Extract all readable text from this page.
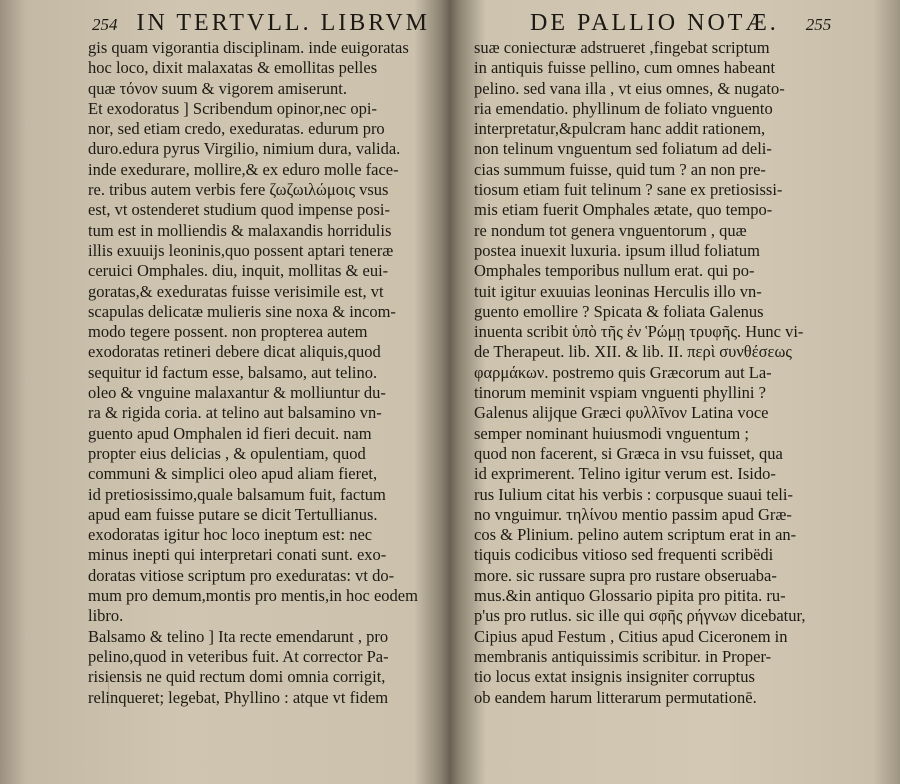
254 IN TERTVLL. LIBRVM
gis quam vigorantia disciplinam. inde euigoratas
hoc loco, dixit malaxatas & emollitas pelles
quæ τόνον suum & vigorem amiserunt.
Et exodoratus ] Scribendum opinor,nec opi-
nor, sed etiam credo, exeduratas. edurum pro
duro.edura pyrus Virgilio, nimium dura, valida.
inde exedurare, mollire,& ex eduro molle face-
re. tribus autem verbis fere ζωζωιλώμοις vsus
est, vt ostenderet studium quod impense posi-
tum est in molliendis & malaxandis horridulis
illis exuuijs leoninis,quo possent aptari teneræ
ceruici Omphales. diu, inquit, mollitas & eui-
goratas,& exeduratas fuisse verisimile est, vt
scapulas delicatæ mulieris sine noxa & incom-
modo tegere possent. non propterea autem
exodoratas retineri debere dicat aliquis,quod
sequitur id factum esse, balsamo, aut telino.
oleo & vnguine malaxantur & molliuntur du-
ra & rigida coria. at telino aut balsamino vn-
guento apud Omphalen id fieri decuit. nam
propter eius delicias , & opulentiam, quod
communi & simplici oleo apud aliam fieret,
id pretiosissimo,quale balsamum fuit, factum
apud eam fuisse putare se dicit Tertullianus.
exodoratas igitur hoc loco ineptum est: nec
minus inepti qui interpretari conati sunt. exo-
doratas vitiose scriptum pro exeduratas: vt do-
mum pro demum,montis pro mentis,in hoc eodem
libro.
Balsamo & telino ] Ita recte emendarunt , pro
pelino,quod in veteribus fuit. At corrector Pa-
risiensis ne quid rectum domi omnia corrigit,
relinqueret; legebat, Phyllino : atque vt fidem
DE PALLIO NOTÆ. 255
suæ coniecturæ adstrueret ,fingebat scriptum
in antiquis fuisse pellino, cum omnes habeant
pelino. sed vana illa , vt eius omnes, & nugato-
ria emendatio. phyllinum de foliato vnguento
interpretatur,&pulcram hanc addit rationem,
non telinum vnguentum sed foliatum ad deli-
cias summum fuisse, quid tum ? an non pre-
tiosum etiam fuit telinum ? sane ex pretiosissi-
mis etiam fuerit Omphales ætate, quo tempo-
re nondum tot genera vnguentorum , quæ
postea inuexit luxuria. ipsum illud foliatum
Omphales temporibus nullum erat. qui po-
tuit igitur exuuias leoninas Herculis illo vn-
guento emollire ? Spicata & foliata Galenus
inuenta scribit ὑπὸ τῆς ἐν Ῥώμῃ τρυφῆς. Hunc vi-
de Therapeut. lib. XII. & lib. II. περὶ συνθέσεως
φαρμάκων. postremo quis Græcorum aut La-
tinorum meminit vspiam vnguenti phyllini ?
Galenus alijque Græci φυλλῖνον Latina voce
semper nominant huiusmodi vnguentum ;
quod non facerent, si Græca in vsu fuisset, qua
id exprimerent. Telino igitur verum est. Isido-
rus Iulium citat his verbis : corpusque suaui teli-
no vnguimur. τηλίνου mentio passim apud Græ-
cos & Plinium. pelino autem scriptum erat in an-
tiquis codicibus vitioso sed frequenti scribëdi
more. sic russare supra pro rustare obseruaba-
mus.&in antiquo Glossario pipita pro pitita. ru-
p'us pro rutlus. sic ille qui σφῆς ρήγνων dicebatur,
Cipius apud Festum , Citius apud Ciceronem in
membranis antiquissimis scribitur. in Proper-
tio locus extat insignis insigniter corruptus
ob eandem harum litterarum permutationē.
